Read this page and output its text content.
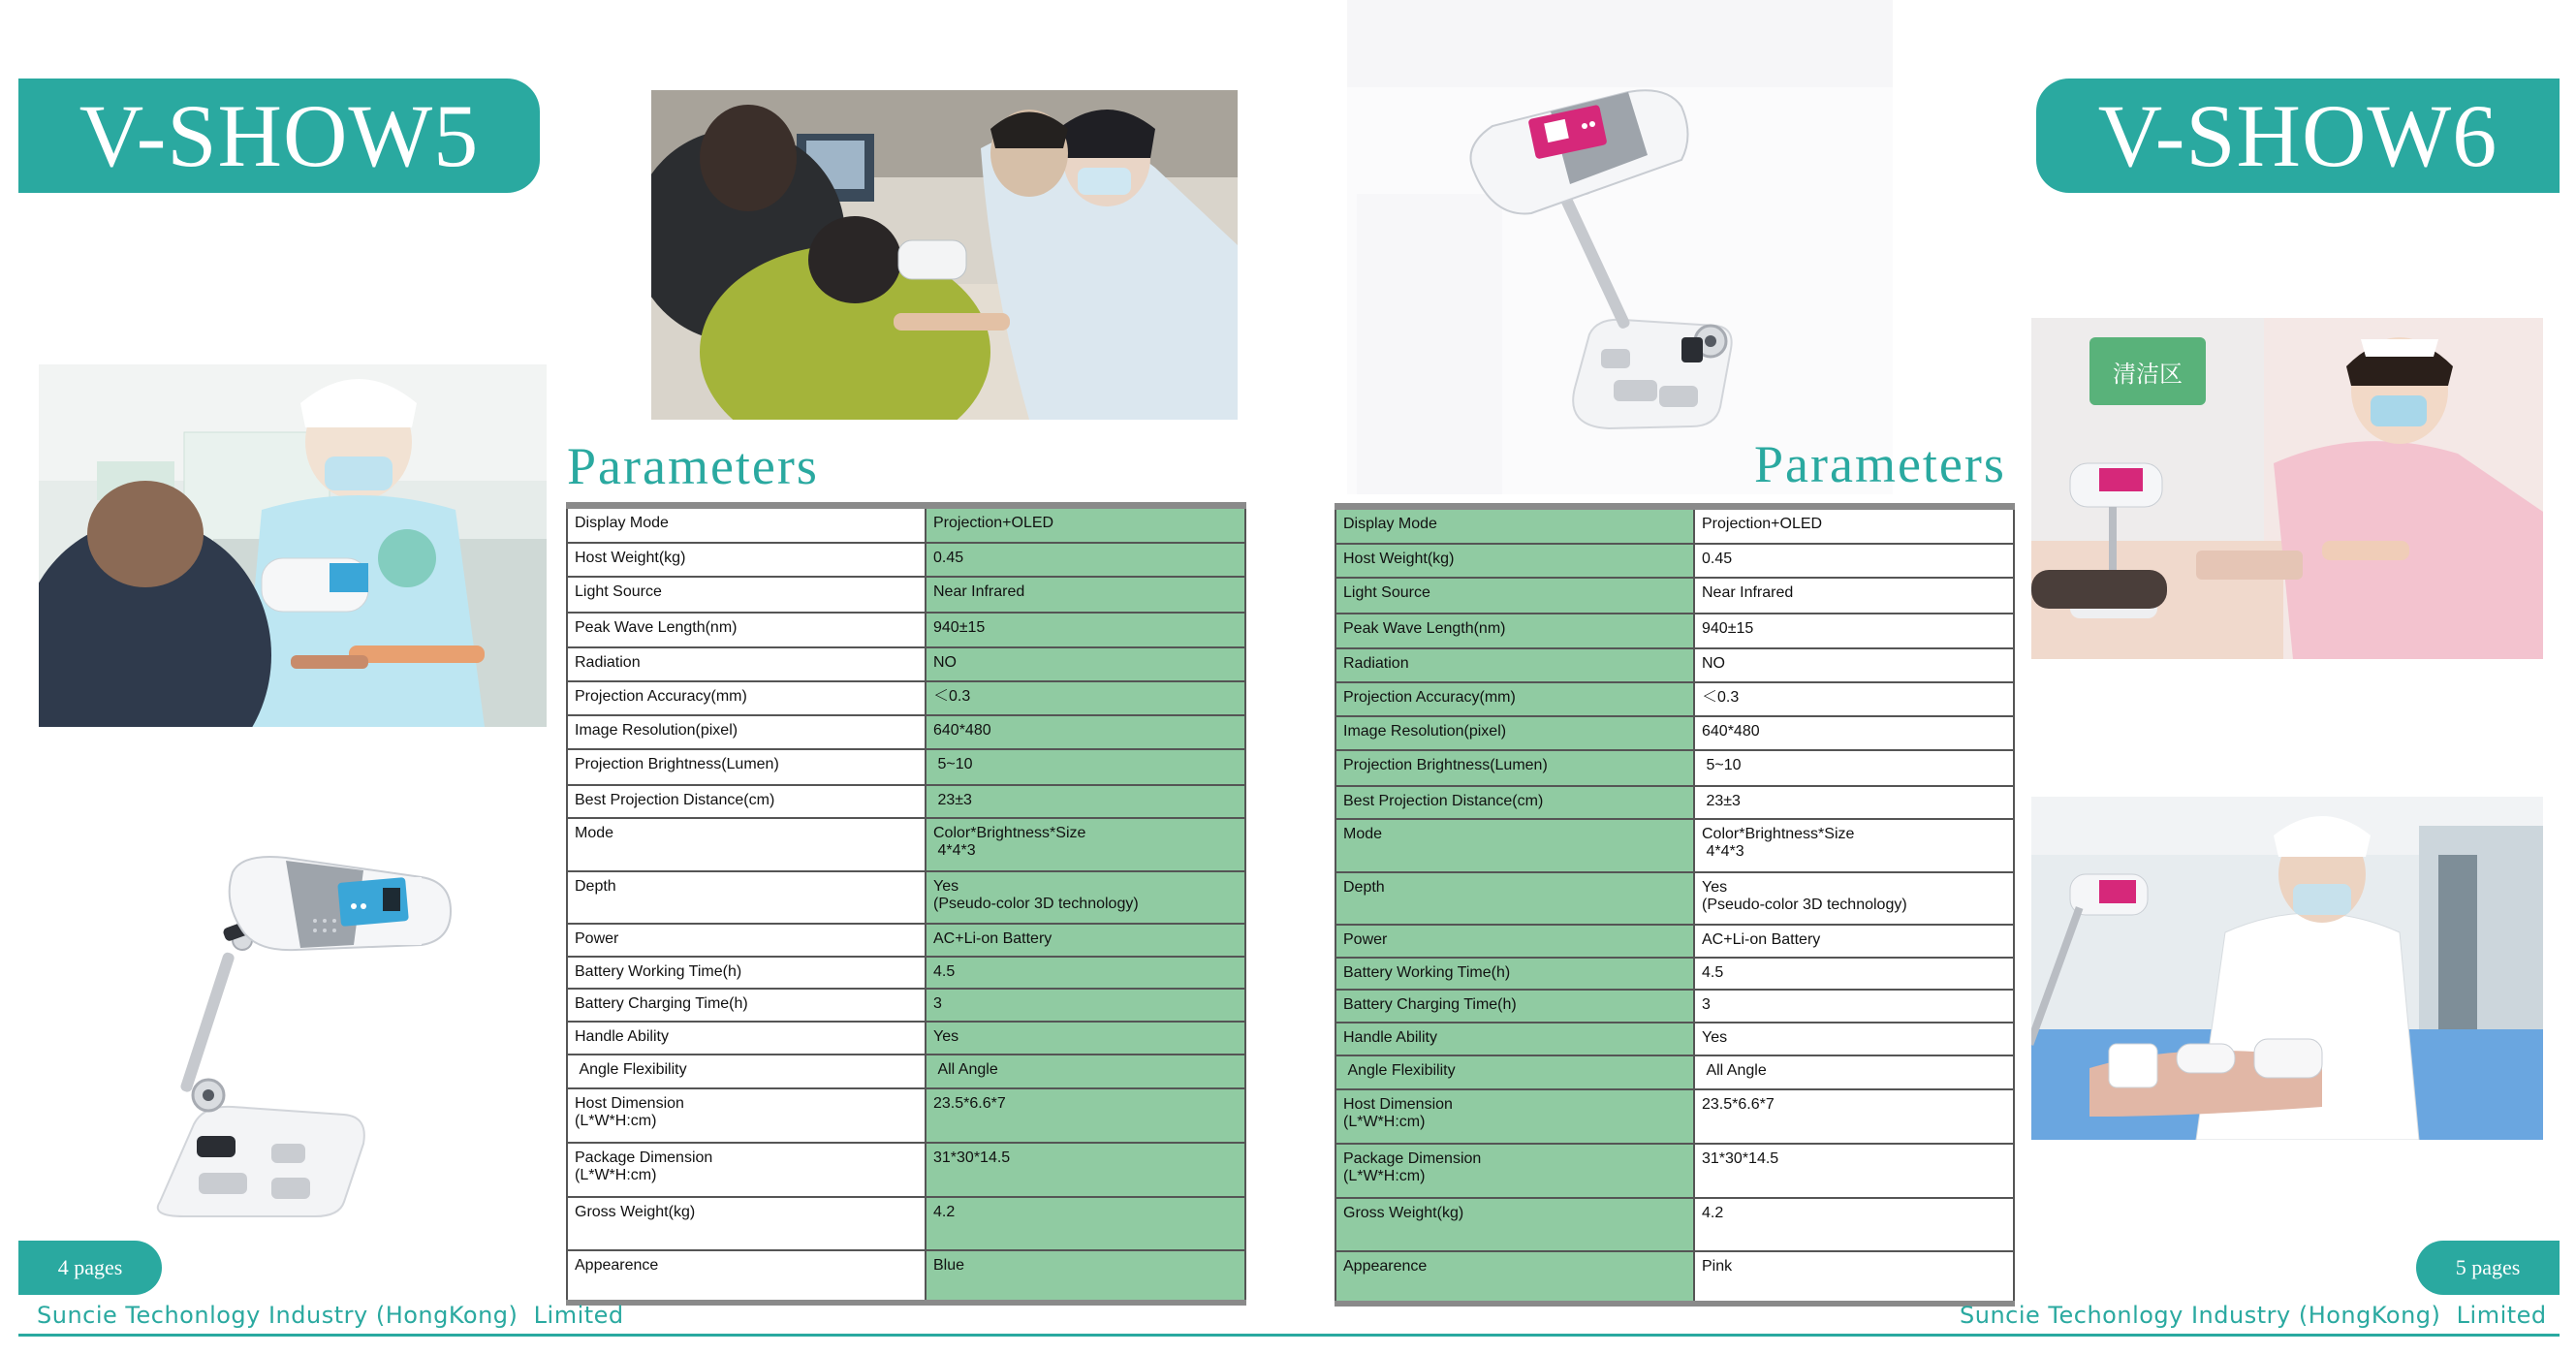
V-SHOW5
Parameters
Display Mode	Projection+OLED
Host Weight(kg)	0.45
Light Source	Near Infrared
Peak Wave Length(nm)	940±15
Radiation	NO
Projection Accuracy(mm)	＜0.3
Image Resolution(pixel)	640*480
Projection Brightness(Lumen)	5~10
Best Projection Distance(cm)	23±3
Mode	Color*Brightness*Size
4*4*3
Depth	Yes
(Pseudo-color 3D technology)
Power	AC+Li-on Battery
Battery Working Time(h)	4.5
Battery Charging Time(h)	3
Handle Ability	Yes
Angle Flexibility	All Angle
Host Dimension
(L*W*H:cm)	23.5*6.6*7
Package Dimension
(L*W*H:cm)	31*30*14.5
Gross Weight(kg)	4.2
Appearence	Blue
4 pages
Suncie Techonlogy Industry (HongKong)  Limited
V-SHOW6
清洁区
Parameters
Display Mode	Projection+OLED
Host Weight(kg)	0.45
Light Source	Near Infrared
Peak Wave Length(nm)	940±15
Radiation	NO
Projection Accuracy(mm)	＜0.3
Image Resolution(pixel)	640*480
Projection Brightness(Lumen)	5~10
Best Projection Distance(cm)	23±3
Mode	Color*Brightness*Size
4*4*3
Depth	Yes
(Pseudo-color 3D technology)
Power	AC+Li-on Battery
Battery Working Time(h)	4.5
Battery Charging Time(h)	3
Handle Ability	Yes
Angle Flexibility	All Angle
Host Dimension
(L*W*H:cm)	23.5*6.6*7
Package Dimension
(L*W*H:cm)	31*30*14.5
Gross Weight(kg)	4.2
Appearence	Pink	5 pages
Suncie Techonlogy Industry (HongKong)  Limited
